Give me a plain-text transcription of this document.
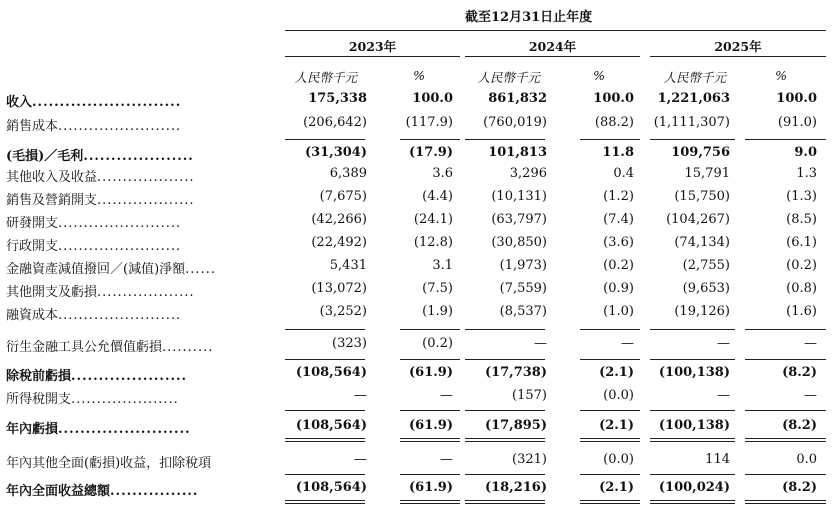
截至12月31日止年度
2023年	2024年	2025年
人民幣千元	%	人民幣千元	%	人民幣千元	%
收入...........................	175,338	100.0	861,832	100.0	1,221,063	100.0
銷售成本........................	(206,642)	(117.9)	(760,019)	(88.2)	(1,111,307)	(91.0)
(毛損)／毛利....................	(31,304)	(17.9)	101,813	11.8	109,756	9.0
其他收入及收益...................	6,389	3.6	3,296	0.4	15,791	1.3
銷售及營銷開支...................	(7,675)	(4.4)	(10,131)	(1.2)	(15,750)	(1.3)
研發開支........................	(42,266)	(24.1)	(63,797)	(7.4)	(104,267)	(8.5)
行政開支........................	(22,492)	(12.8)	(30,850)	(3.6)	(74,134)	(6.1)
金融資產減值撥回／(減值)淨額......	5,431	3.1	(1,973)	(0.2)	(2,755)	(0.2)
其他開支及虧損...................	(13,072)	(7.5)	(7,559)	(0.9)	(9,653)	(0.8)
融資成本........................	(3,252)	(1.9)	(8,537)	(1.0)	(19,126)	(1.6)
衍生金融工具公允價值虧損..........	(323)	(0.2)	—	—	—	—
除稅前虧損.....................	(108,564)	(61.9)	(17,738)	(2.1)	(100,138)	(8.2)
所得稅開支.....................	—	—	(157)	(0.0)	—	—
年內虧損........................	(108,564)	(61.9)	(17,895)	(2.1)	(100,138)	(8.2)
年內其他全面(虧損)收益，扣除稅項	—	—	(321)	(0.0)	114	0.0
年內全面收益總額................	(108,564)	(61.9)	(18,216)	(2.1)	(100,024)	(8.2)
